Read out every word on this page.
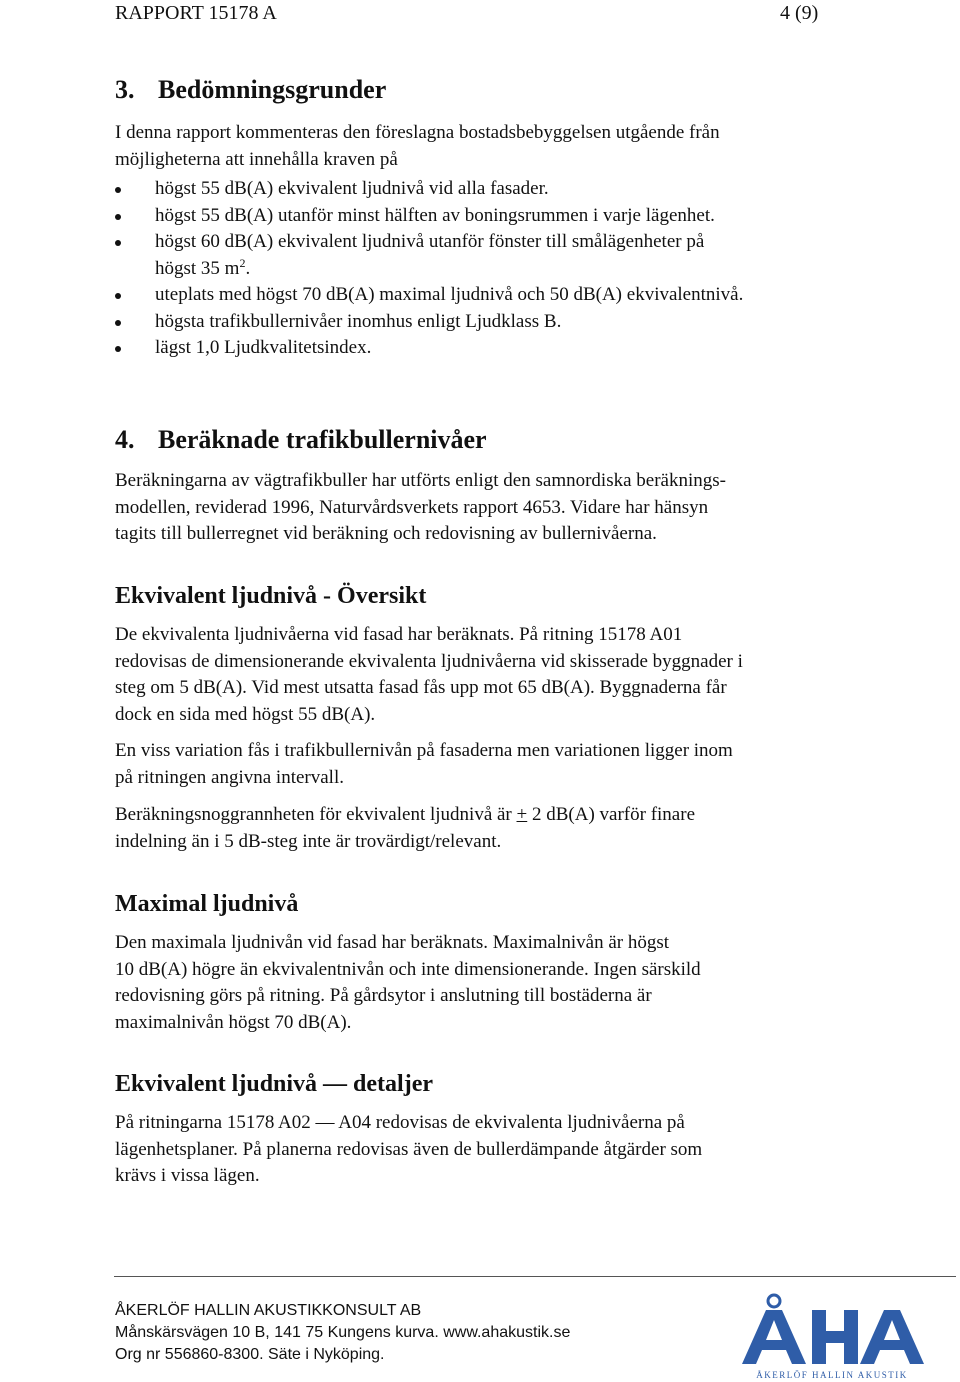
RAPPORT 15178 A	4 (9)
3. Bedömningsgrunder

I denna rapport kommenteras den föreslagna bostadsbebyggelsen utgående från
möjligheterna att innehålla kraven på

högst 55 dB(A) ekvivalent ljudnivå vid alla fasader.
högst 55 dB(A) utanför minst hälften av boningsrummen i varje lägenhet.
högst 60 dB(A) ekvivalent ljudnivå utanför fönster till smålägenheter på
högst 35 $m^2$.
uteplats med högst 70 dB(A) maximal ljudnivå och 50 dB(A) ekvivalentnivå.
högsta trafikbullernivåer inomhus enligt Ljudklass B.
lägst 1,0 Ljudkvalitetsindex.
4. Beräknade trafikbullernivåer

Beräkningarna av vägtrafikbuller har utförts enligt den samnordiska beräknings-
modellen, reviderad 1996, Naturvårdsverkets rapport 4653. Vidare har hänsyn
tagits till bullerregnet vid beräkning och redovisning av bullernivåerna.

Ekvivalent ljudnivå - Översikt

De ekvivalenta ljudnivåerna vid fasad har beräknats. På ritning 15178 A01
redovisas de dimensionerande ekvivalenta ljudnivåerna vid skisserade byggnader i
steg om 5 dB(A). Vid mest utsatta fasad fås upp mot 65 dB(A). Byggnaderna får
dock en sida med högst 55 dB(A).

En viss variation fås i trafikbullernivån på fasaderna men variationen ligger inom
på ritningen angivna intervall.

Beräkningsnoggrannheten för ekvivalent ljudnivå är + 2 dB(A) varför finare
indelning än i 5 dB-steg inte är trovärdigt/relevant.

Maximal ljudnivå

Den maximala ljudnivån vid fasad har beräknats. Maximalnivån är högst
10 dB(A) högre än ekvivalentnivån och inte dimensionerande. Ingen särskild
redovisning görs på ritning. På gårdsytor i anslutning till bostäderna är
maximalnivån högst 70 dB(A).

Ekvivalent ljudnivå — detaljer

På ritningarna 15178 A02 — A04 redovisas de ekvivalenta ljudnivåerna på
lägenhetsplaner. På planerna redovisas även de bullerdämpande åtgärder som
krävs i vissa lägen.

ÅKERLÖF HALLIN AKUSTIKKONSULT AB
Månskärsvägen 10 B, 141 75 Kungens kurva. www.ahakustik.se
Org nr 556860-8300. Säte i Nyköping.
ÅKERLÖF HALLIN AKUSTIK
